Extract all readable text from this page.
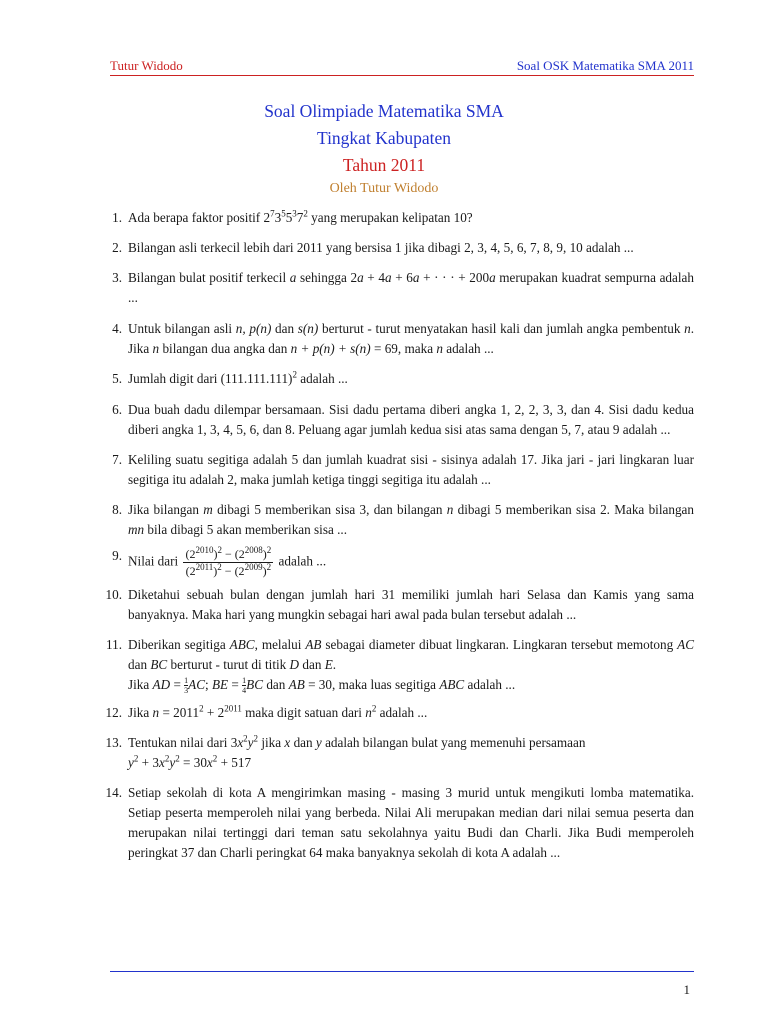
Tutur Widodo	Soal OSK Matematika SMA 2011
Soal Olimpiade Matematika SMA
Tingkat Kabupaten
Tahun 2011
Oleh Tutur Widodo
1. Ada berapa faktor positif $2^73^55^37^2$ yang merupakan kelipatan 10?
2. Bilangan asli terkecil lebih dari 2011 yang bersisa 1 jika dibagi 2, 3, 4, 5, 6, 7, 8, 9, 10 adalah ...
3. Bilangan bulat positif terkecil a sehingga 2a + 4a + 6a + · · · + 200a merupakan kuadrat sempurna adalah ...
4. Untuk bilangan asli n, p(n) dan s(n) berturut - turut menyatakan hasil kali dan jumlah angka pembentuk n. Jika n bilangan dua angka dan n + p(n) + s(n) = 69, maka n adalah ...
5. Jumlah digit dari $(111.111.111)^2$ adalah ...
6. Dua buah dadu dilempar bersamaan. Sisi dadu pertama diberi angka 1, 2, 2, 3, 3, dan 4. Sisi dadu kedua diberi angka 1, 3, 4, 5, 6, dan 8. Peluang agar jumlah kedua sisi atas sama dengan 5, 7, atau 9 adalah ...
7. Keliling suatu segitiga adalah 5 dan jumlah kuadrat sisi - sisinya adalah 17. Jika jari - jari lingkaran luar segitiga itu adalah 2, maka jumlah ketiga tinggi segitiga itu adalah ...
8. Jika bilangan m dibagi 5 memberikan sisa 3, dan bilangan n dibagi 5 memberikan sisa 2. Maka bilangan mn bila dibagi 5 akan memberikan sisa ...
9. Nilai dari $\frac{(2^{2010})^2 - (2^{2008})^2}{(2^{2011})^2 - (2^{2009})^2}$ adalah ...
10. Diketahui sebuah bulan dengan jumlah hari 31 memiliki jumlah hari Selasa dan Kamis yang sama banyaknya. Maka hari yang mungkin sebagai hari awal pada bulan tersebut adalah ...
11. Diberikan segitiga ABC, melalui AB sebagai diameter dibuat lingkaran. Lingkaran tersebut memotong AC dan BC berturut - turut di titik D dan E.
Jika AD = $\frac{1}{3}$ AC; BE = $\frac{1}{4}$ BC dan AB = 30, maka luas segitiga ABC adalah ...
12. Jika $n = 2011^2 + 2^{2011}$ maka digit satuan dari $n^2$ adalah ...
13. Tentukan nilai dari $3x^2y^2$ jika x dan y adalah bilangan bulat yang memenuhi persamaan
$y^2 + 3x^2y^2 = 30x^2 + 517$
14. Setiap sekolah di kota A mengirimkan masing - masing 3 murid untuk mengikuti lomba matematika. Setiap peserta memperoleh nilai yang berbeda. Nilai Ali merupakan median dari nilai semua peserta dan merupakan nilai tertinggi dari teman satu sekolahnya yaitu Budi dan Charli. Jika Budi memperoleh peringkat 37 dan Charli peringkat 64 maka banyaknya sekolah di kota A adalah ...
1
